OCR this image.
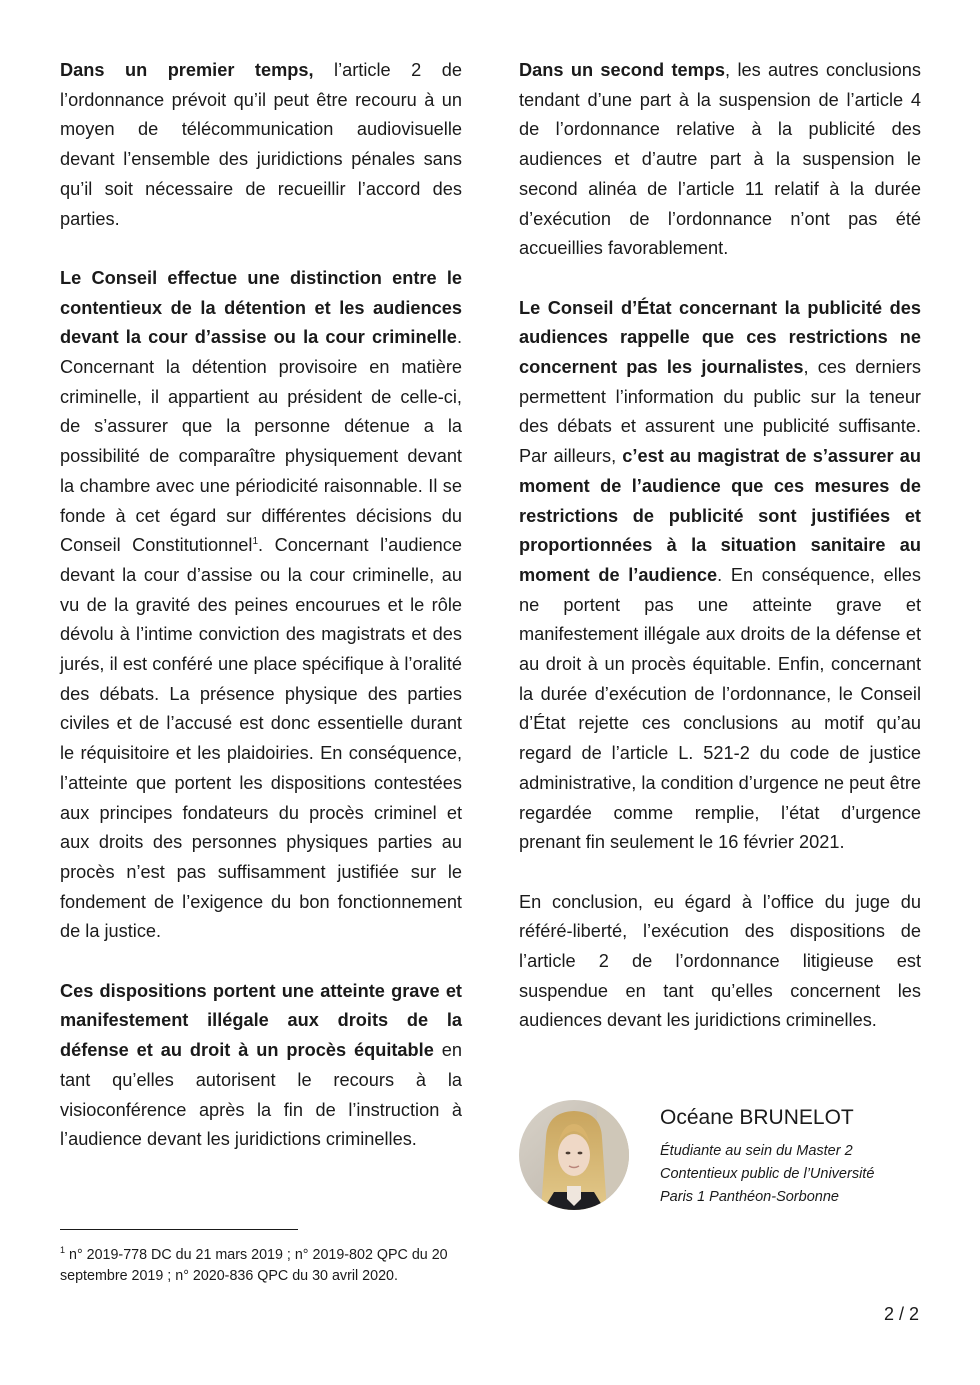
Dans un premier temps, l’article 2 de l’ordonnance prévoit qu’il peut être recouru à un moyen de télécommunication audiovisuelle devant l’ensemble des juridictions pénales sans qu’il soit nécessaire de recueillir l’accord des parties.

Le Conseil effectue une distinction entre le contentieux de la détention et les audiences devant la cour d’assise ou la cour criminelle. Concernant la détention provisoire en matière criminelle, il appartient au président de celle-ci, de s’assurer que la personne détenue a la possibilité de comparaître physiquement devant la chambre avec une périodicité raisonnable. Il se fonde à cet égard sur différentes décisions du Conseil Constitutionnel$^1$. Concernant l’audience devant la cour d’assise ou la cour criminelle, au vu de la gravité des peines encourues et le rôle dévolu à l’intime conviction des magistrats et des jurés, il est conféré une place spécifique à l’oralité des débats. La présence physique des parties civiles et de l’accusé est donc essentielle durant le réquisitoire et les plaidoiries. En conséquence, l’atteinte que portent les dispositions contestées aux principes fondateurs du procès criminel et aux droits des personnes physiques parties au procès n’est pas suffisamment justifiée sur le fondement de l’exigence du bon fonctionnement de la justice.

Ces dispositions portent une atteinte grave et manifestement illégale aux droits de la défense et au droit à un procès équitable en tant qu’elles autorisent le recours à la visioconférence après la fin de l’instruction à l’audience devant les juridictions criminelles.

Dans un second temps, les autres conclusions tendant d’une part à la suspension de l’article 4 de l’ordonnance relative à la publicité des audiences et d’autre part à la suspension le second alinéa de l’article 11 relatif à la durée d’exécution de l’ordonnance n’ont pas été accueillies favorablement.

Le Conseil d’État concernant la publicité des audiences rappelle que ces restrictions ne concernent pas les journalistes, ces derniers permettent l’information du public sur la teneur des débats et assurent une publicité suffisante. Par ailleurs, c’est au magistrat de s’assurer au moment de l’audience que ces mesures de restrictions de publicité sont justifiées et proportionnées à la situation sanitaire au moment de l’audience. En conséquence, elles ne portent pas une atteinte grave et manifestement illégale aux droits de la défense et au droit à un procès équitable. Enfin, concernant la durée d’exécution de l’ordonnance, le Conseil d’État rejette ces conclusions au motif qu’au regard de l’article L. 521-2 du code de justice administrative, la condition d’urgence ne peut être regardée comme remplie, l’état d’urgence prenant fin seulement le 16 février 2021.

En conclusion, eu égard à l’office du juge du référé-liberté, l’exécution des dispositions de l’article 2 de l’ordonnance litigieuse est suspendue en tant qu’elles concernent les audiences devant les juridictions criminelles.

Océane BRUNELOT
Étudiante au sein du Master 2
Contentieux public de l’Université
Paris 1 Panthéon-Sorbonne
$^1$ n° 2019-778 DC du 21 mars 2019 ; n° 2019-802 QPC du 20 septembre 2019 ; n° 2020-836 QPC du 30 avril 2020.
2 / 2
